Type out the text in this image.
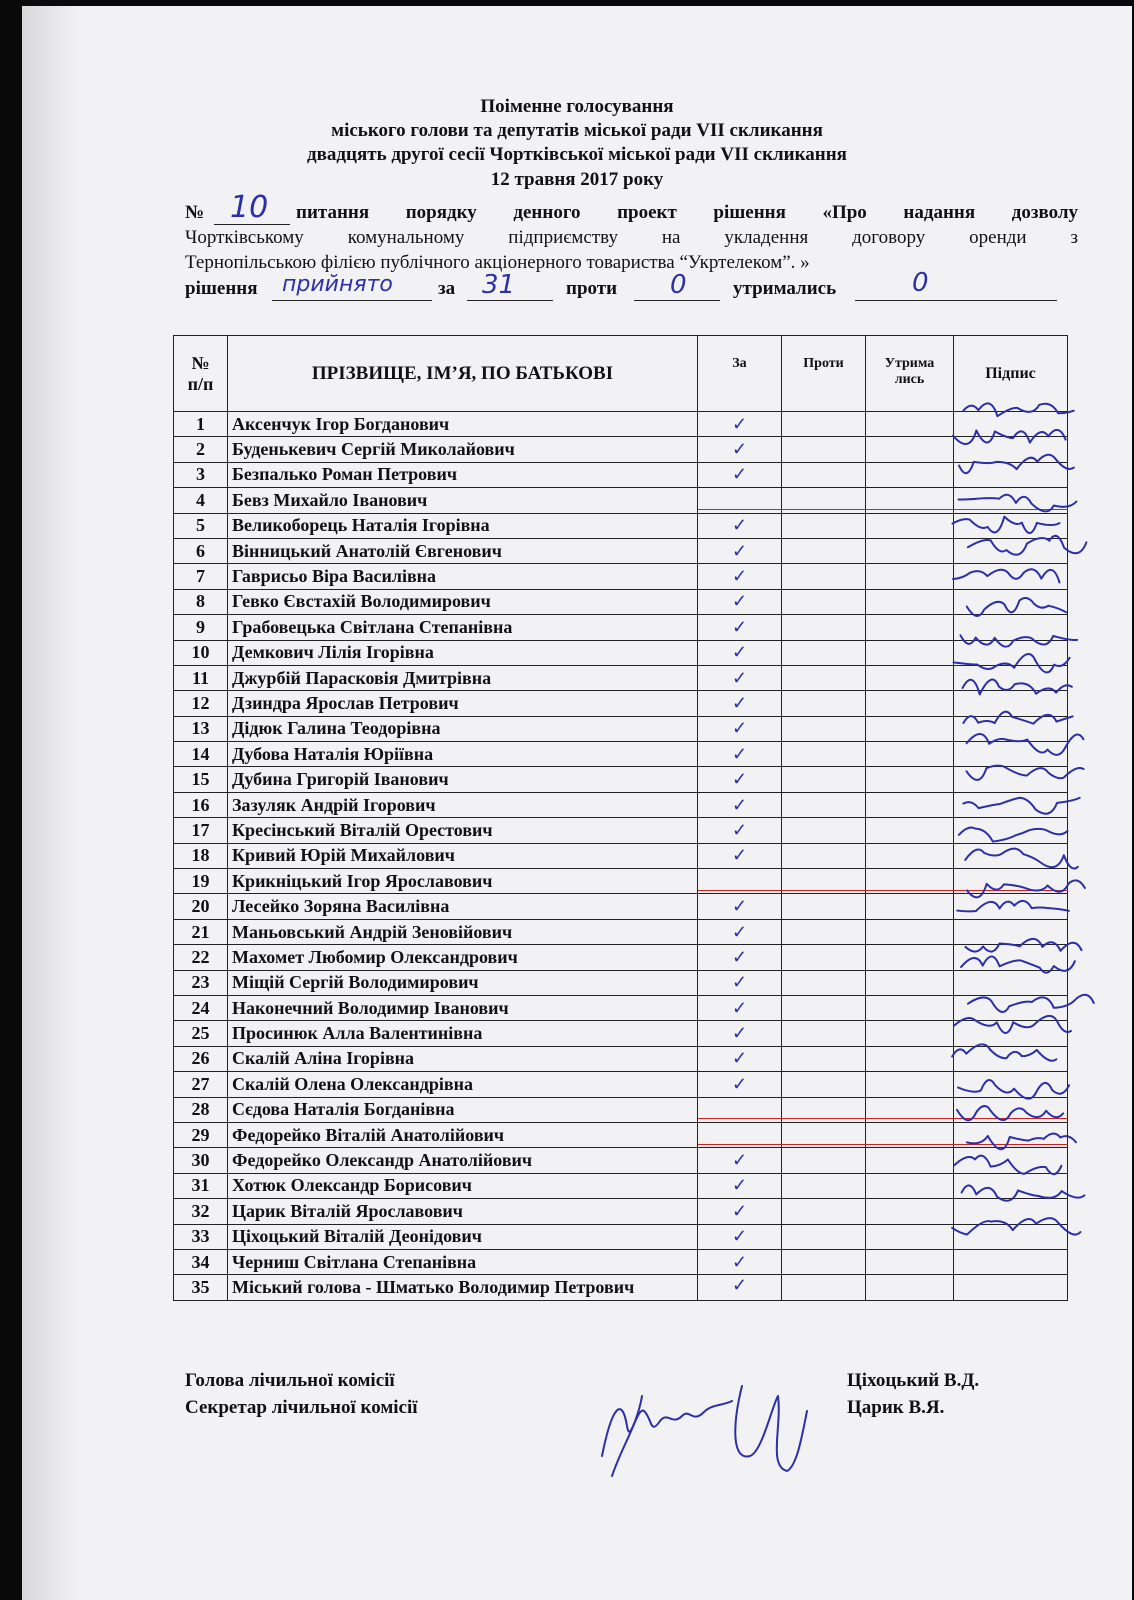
Поіменне голосування
міського голови та депутатів міської ради VII скликання
двадцять другої сесії Чортківської міської ради VII скликання
12 травня 2017 року
№ 10 питання порядку денного проект рішення «Про надання дозволу
Чортківському комунальному підприємству на укладення договору оренди з
Тернопільською філією публічного акціонерного товариства “Укртелеком”. »
рішення прийнято за 31	проти 0 утримались	0
№
п/п	ПРІЗВИЩЕ, ІМ’Я, ПО БАТЬКОВІ	За	Проти	Утрима
лись	Підпис
1	Аксенчук Ігор Богданович	✓			
2	Буденькевич Сергій Миколайович	✓			
3	Безпалько Роман Петрович	✓			
4	Бевз Михайло Іванович				
5	Великоборець Наталія Ігорівна	✓			
6	Вінницький Анатолій Євгенович	✓			
7	Гаврисьо Віра Василівна	✓			
8	Гевко Євстахій Володимирович	✓			
9	Грабовецька Світлана Степанівна	✓			
10	Демкович Лілія Ігорівна	✓			
11	Джурбій Парасковія Дмитрівна	✓			
12	Дзиндра Ярослав Петрович	✓			
13	Дідюк Галина Теодорівна	✓			
14	Дубова Наталія Юріївна	✓			
15	Дубина Григорій Іванович	✓			
16	Зазуляк Андрій Ігорович	✓			
17	Кресінський Віталій Орестович	✓			
18	Кривий Юрій Михайлович	✓			
19	Крикніцький Ігор Ярославович				
20	Лесейко Зоряна Василівна	✓			
21	Маньовський Андрій Зеновійович	✓			
22	Махомет Любомир Олександрович	✓			
23	Міщій Сергій Володимирович	✓			
24	Наконечний Володимир Іванович	✓			
25	Просинюк Алла Валентинівна	✓			
26	Скалій Аліна Ігорівна	✓			
27	Скалій Олена Олександрівна	✓			
28	Сєдова Наталія Богданівна				
29	Федорейко Віталій Анатолійович				
30	Федорейко Олександр Анатолійович	✓			
31	Хотюк Олександр Борисович	✓			
32	Царик Віталій Ярославович	✓			
33	Ціхоцький Віталій Деонідович	✓			
34	Черниш Світлана Степанівна	✓			
35	Міський голова - Шматько Володимир Петрович	✓			
Голова лічильної комісії	Ціхоцький В.Д.
Секретар лічильної комісії	Царик В.Я.
